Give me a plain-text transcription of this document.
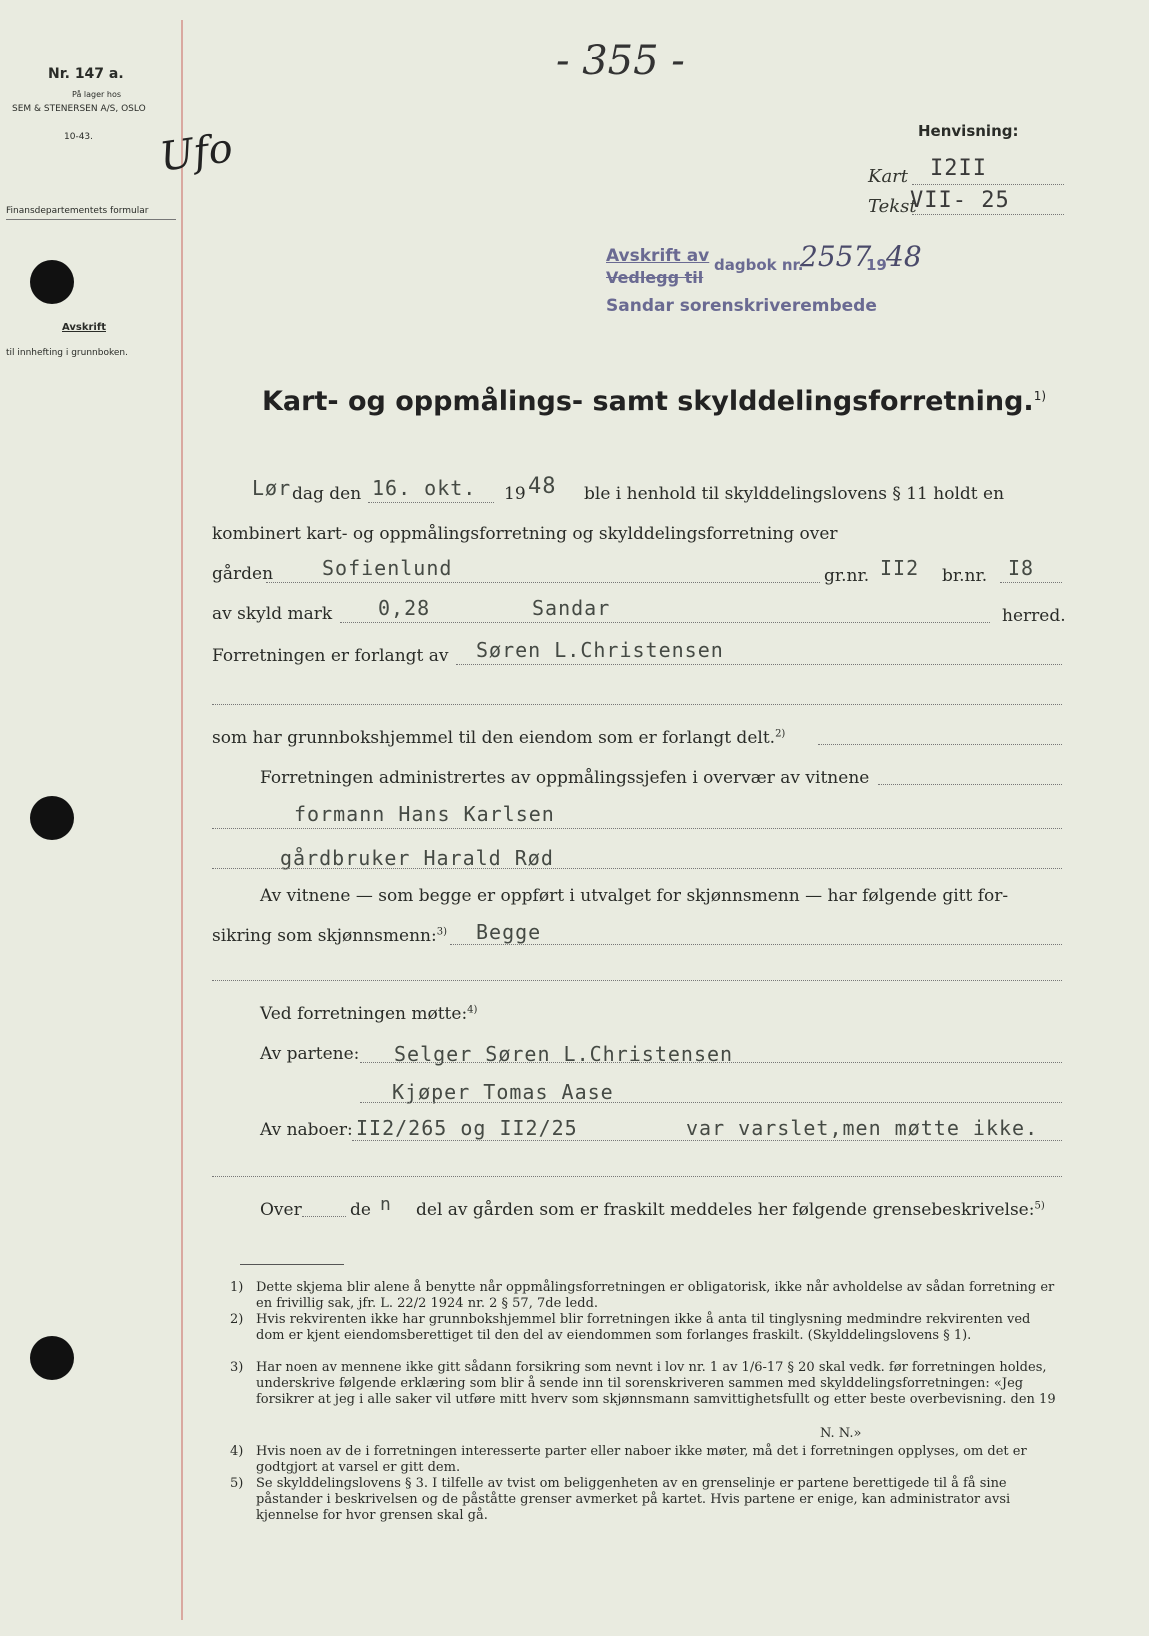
- 355 -
Nr. 147 a.
På lager hos
SEM & STENERSEN A/S, OSLO
10-43. Ufo
Finansdepartementets formular
Avskrift
til innhefting i grunnboken.
Henvisning:
Kart I2II
Tekst
VII- 25
Avskrift av
Vedlegg til
dagbok nr.
2557
19 48
Sandar sorenskriverembede
Kart- og oppmålings- samt skylddelingsforretning.$^{1)}$
Lør dag den 16. okt. 19 48 ble i henhold til skylddelingslovens § 11 holdt en
kombinert kart- og oppmålingsforretning og skylddelingsforretning over
gården Sofienlund	gr.nr. II2 br.nr. I8
av skyld mark 0,28	Sandar	herred.
Forretningen er forlangt av Søren L.Christensen
som har grunnbokshjemmel til den eiendom som er forlangt delt.$^{2)}$
Forretningen administrertes av oppmålingssjefen i overvær av vitnene
formann Hans Karlsen
gårdbruker Harald Rød
Av vitnene — som begge er oppført i utvalget for skjønnsmenn — har følgende gitt for-
sikring som skjønnsmenn:$^{3)}$ Begge
Ved forretningen møtte:$^{4)}$
Av partene: Selger Søren L.Christensen
Kjøper Tomas Aase
Av naboer: II2/265 og II2/25	var varslet,men møtte ikke.
Over	de n del av gården som er fraskilt meddeles her følgende grensebeskrivelse:$^{5)}$
1) Dette skjema blir alene å benytte når oppmålingsforretningen er obligatorisk, ikke når avholdelse av sådan forretning er en frivillig sak, jfr. L. 22/2 1924 nr. 2 § 57, 7de ledd.
2) Hvis rekvirenten ikke har grunnbokshjemmel blir forretningen ikke å anta til tinglysning medmindre rekvirenten ved dom er kjent eiendomsberettiget til den del av eiendommen som forlanges fraskilt. (Skylddelingslovens § 1).
3) Har noen av mennene ikke gitt sådann forsikring som nevnt i lov nr. 1 av 1/6-17 § 20 skal vedk. før forretningen holdes, underskrive følgende erklæring som blir å sende inn til sorenskriveren sammen med skylddelingsforretningen: «Jeg forsikrer at jeg i alle saker vil utføre mitt hverv som skjønnsmann samvittighetsfullt og etter beste overbevisning. den 19
N. N.»
4) Hvis noen av de i forretningen interesserte parter eller naboer ikke møter, må det i forretningen opplyses, om det er godtgjort at varsel er gitt dem.
5) Se skylddelingslovens § 3. I tilfelle av tvist om beliggenheten av en grenselinje er partene berettigede til å få sine påstander i beskrivelsen og de påståtte grenser avmerket på kartet. Hvis partene er enige, kan administrator avsi kjennelse for hvor grensen skal gå.
